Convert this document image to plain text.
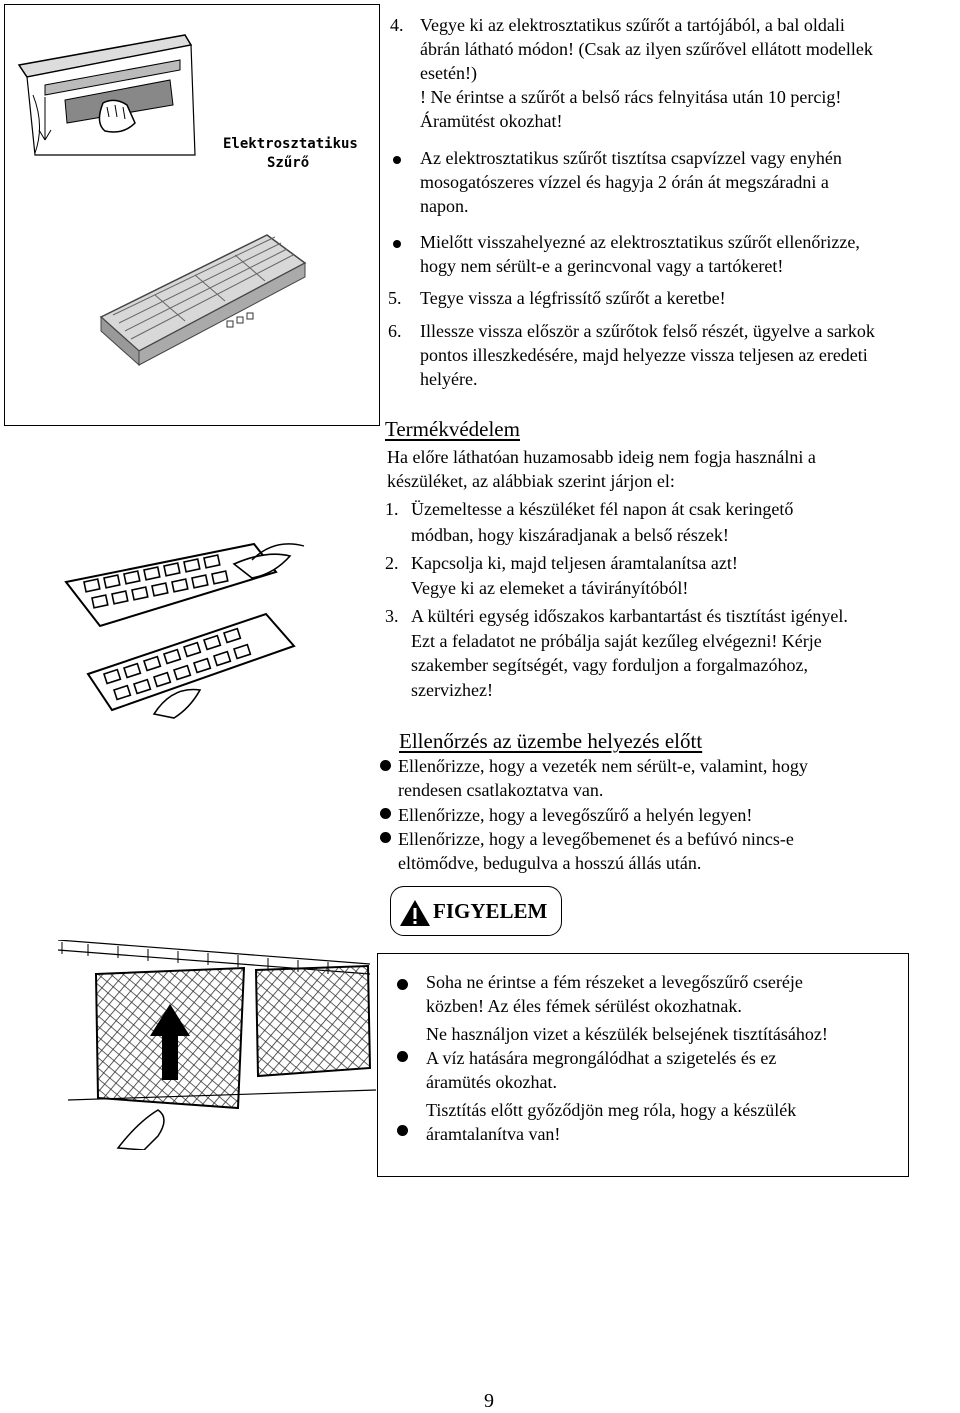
Elektrosztatikus
Szűrő
4. Vegye ki az elektrosztatikus szűrőt a tartójából, a bal oldali

ábrán látható módon! (Csak az ilyen szűrővel ellátott modellek

esetén!)

! Ne érintse a szűrőt a belső rács felnyitása után 10 percig!

Áramütést okozhat!

Az elektrosztatikus szűrőt tisztítsa csapvízzel vagy enyhén

mosogatószeres vízzel és hagyja 2 órán át megszáradni a

napon.

Mielőtt visszahelyezné az elektrosztatikus szűrőt ellenőrizze,

hogy nem sérült-e a gerincvonal vagy a tartókeret!

5. Tegye vissza a légfrissítő szűrőt a keretbe!

6. Illessze vissza először a szűrőtok felső részét, ügyelve a sarkok

pontos illeszkedésére, majd helyezze vissza teljesen az eredeti

helyére.

Termékvédelem

Ha előre láthatóan huzamosabb ideig nem fogja használni a

készüléket, az alábbiak szerint járjon el:

1. Üzemeltesse a készüléket fél napon át csak keringető

módban, hogy kiszáradjanak a belső részek!

2. Kapcsolja ki, majd teljesen áramtalanítsa azt!

Vegye ki az elemeket a távirányítóból!

3. A kültéri egység időszakos karbantartást és tisztítást igényel.

Ezt a feladatot ne próbálja saját kezűleg elvégezni! Kérje

szakember segítségét, vagy forduljon a forgalmazóhoz,

szervizhez!

Ellenőrzés az üzembe helyezés előtt

Ellenőrizze, hogy a vezeték nem sérült-e, valamint, hogy

rendesen csatlakoztatva van.

Ellenőrizze, hogy a levegőszűrő a helyén legyen!

Ellenőrizze, hogy a levegőbemenet és a befúvó nincs-e

eltömődve, bedugulva a hosszú állás után.

FIGYELEM

Soha ne érintse a fém részeket a levegőszűrő cseréje

közben! Az éles fémek sérülést okozhatnak.

Ne használjon vizet a készülék belsejének tisztításához!

A víz hatására megrongálódhat a szigetelés és ez

áramütés okozhat.

Tisztítás előtt győződjön meg róla, hogy a készülék

áramtalanítva van!

9
